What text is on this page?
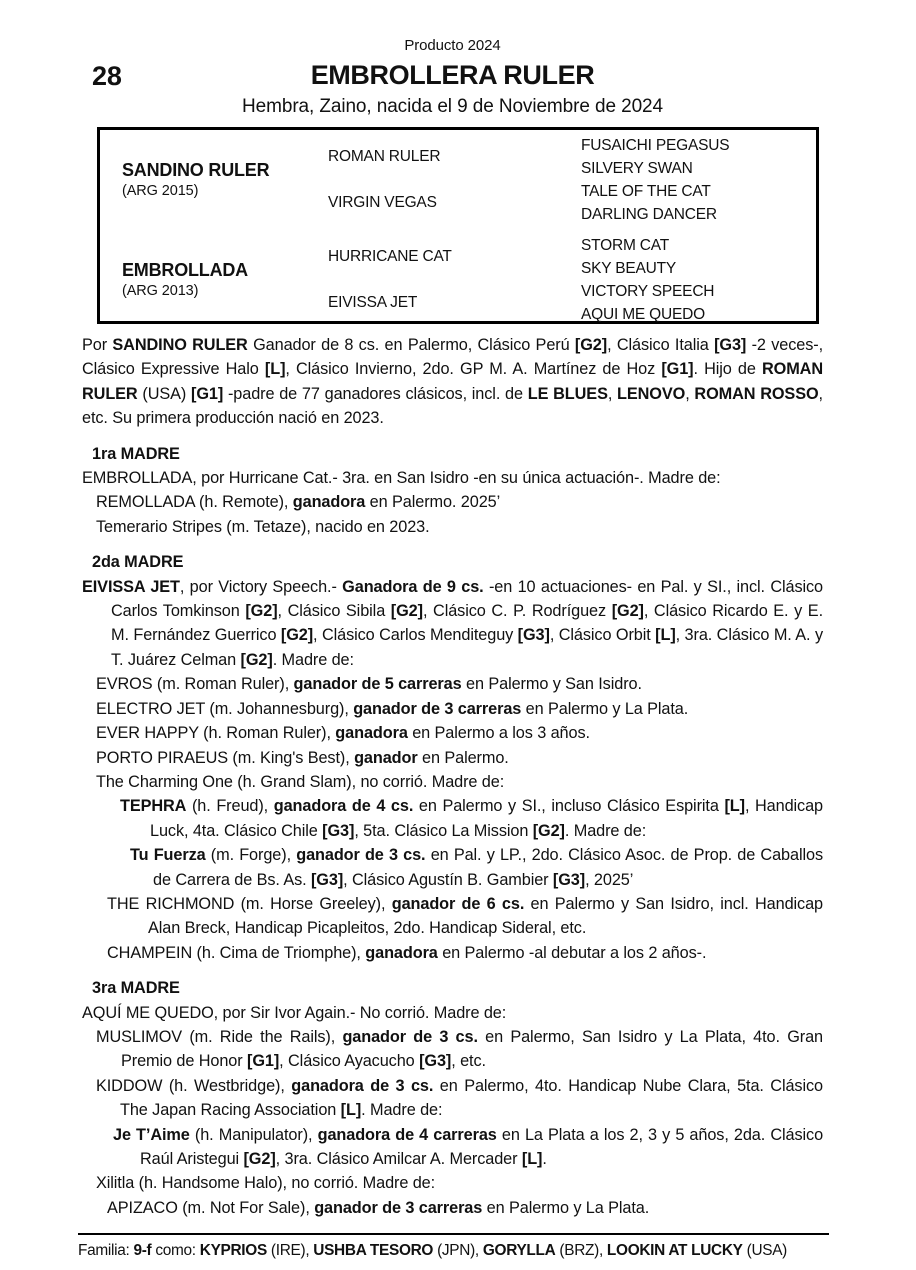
Producto 2024
28	EMBROLLERA RULER
Hembra, Zaino, nacida el 9 de Noviembre de 2024
SANDINO RULER
(ARG 2015)
ROMAN RULER
FUSAICHI PEGASUS
SILVERY SWAN
VIRGIN VEGAS
TALE OF THE CAT
DARLING DANCER
EMBROLLADA
(ARG 2013)
HURRICANE CAT
STORM CAT
SKY BEAUTY
EIVISSA JET
VICTORY SPEECH
AQUI ME QUEDO
Por SANDINO RULER Ganador de 8 cs. en Palermo, Clásico Perú [G2], Clásico Italia [G3] -2 veces-, Clásico Expressive Halo [L], Clásico Invierno, 2do. GP M. A. Martínez de Hoz [G1]. Hijo de ROMAN RULER (USA) [G1] -padre de 77 ganadores clásicos, incl. de LE BLUES, LENOVO, ROMAN ROSSO, etc. Su primera producción nació en 2023.
1ra MADRE
EMBROLLADA, por Hurricane Cat.- 3ra. en San Isidro -en su única actuación-. Madre de:
REMOLLADA (h. Remote), ganadora en Palermo. 2025’
Temerario Stripes (m. Tetaze), nacido en 2023.
2da MADRE
EIVISSA JET, por Victory Speech.- Ganadora de 9 cs. -en 10 actuaciones- en Pal. y SI., incl. Clásico Carlos Tomkinson [G2], Clásico Sibila [G2], Clásico C. P. Rodríguez [G2], Clásico Ricardo E. y E. M. Fernández Guerrico [G2], Clásico Carlos Menditeguy [G3], Clásico Orbit [L], 3ra. Clásico M. A. y T. Juárez Celman [G2]. Madre de:
EVROS (m. Roman Ruler), ganador de 5 carreras en Palermo y San Isidro.
ELECTRO JET (m. Johannesburg), ganador de 3 carreras en Palermo y La Plata.
EVER HAPPY (h. Roman Ruler), ganadora en Palermo a los 3 años.
PORTO PIRAEUS (m. King's Best), ganador en Palermo.
The Charming One (h. Grand Slam), no corrió. Madre de:
TEPHRA (h. Freud), ganadora de 4 cs. en Palermo y SI., incluso Clásico Espirita [L], Handicap Luck, 4ta. Clásico Chile [G3], 5ta. Clásico La Mission [G2]. Madre de:
Tu Fuerza (m. Forge), ganador de 3 cs. en Pal. y LP., 2do. Clásico Asoc. de Prop. de Caballos de Carrera de Bs. As. [G3], Clásico Agustín B. Gambier [G3], 2025’
THE RICHMOND (m. Horse Greeley), ganador de 6 cs. en Palermo y San Isidro, incl. Handicap Alan Breck, Handicap Picapleitos, 2do. Handicap Sideral, etc.
CHAMPEIN (h. Cima de Triomphe), ganadora en Palermo -al debutar a los 2 años-.
3ra MADRE
AQUÍ ME QUEDO, por Sir Ivor Again.- No corrió. Madre de:
MUSLIMOV (m. Ride the Rails), ganador de 3 cs. en Palermo, San Isidro y La Plata, 4to. Gran Premio de Honor [G1], Clásico Ayacucho [G3], etc.
KIDDOW (h. Westbridge), ganadora de 3 cs. en Palermo, 4to. Handicap Nube Clara, 5ta. Clásico The Japan Racing Association [L]. Madre de:
Je T’Aime (h. Manipulator), ganadora de 4 carreras en La Plata a los 2, 3 y 5 años, 2da. Clásico Raúl Aristegui [G2], 3ra. Clásico Amilcar A. Mercader [L].
Xilitla (h. Handsome Halo), no corrió. Madre de:
APIZACO (m. Not For Sale), ganador de 3 carreras en Palermo y La Plata.
Familia: 9-f como: KYPRIOS (IRE), USHBA TESORO (JPN), GORYLLA (BRZ), LOOKIN AT LUCKY (USA)
